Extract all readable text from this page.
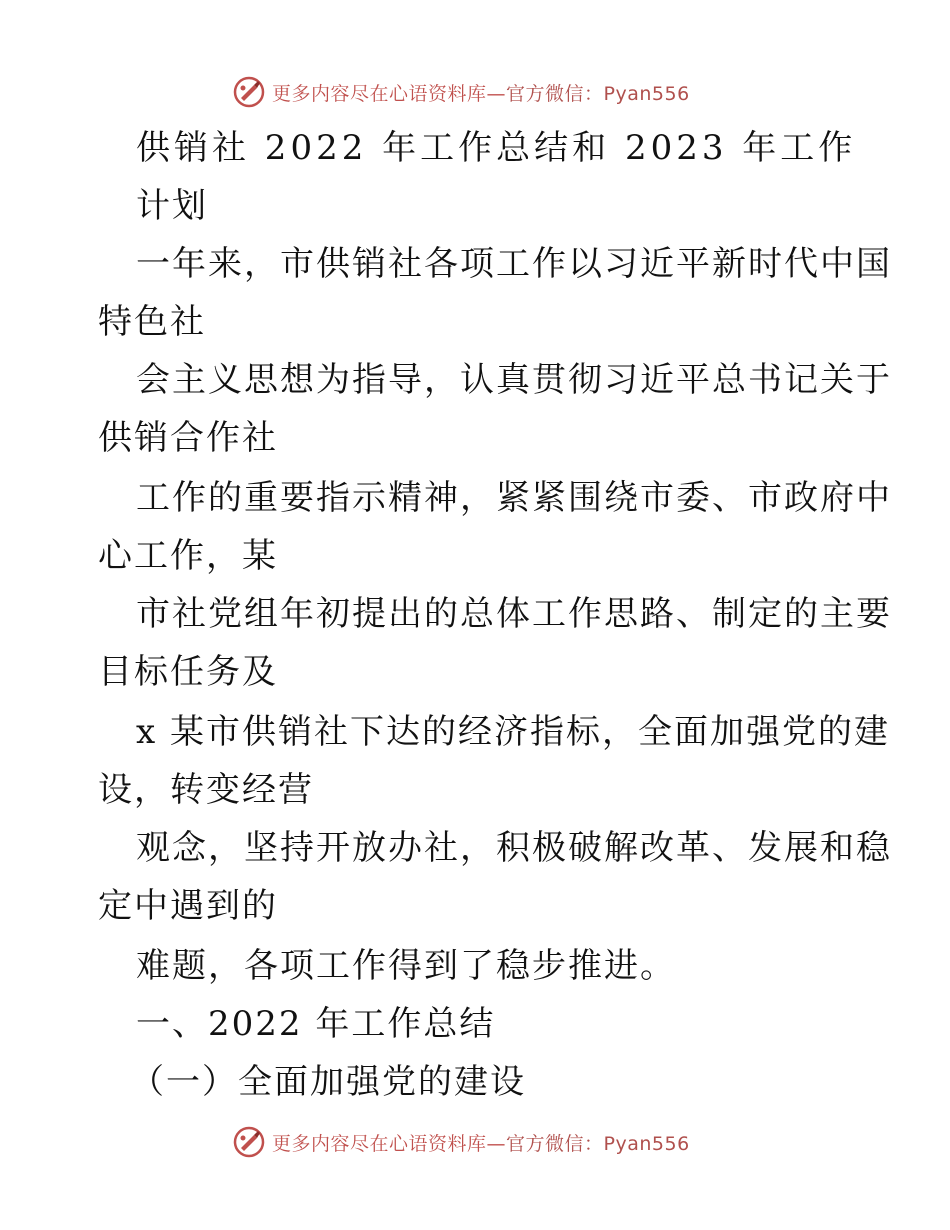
更多内容尽在心语资料库—官方微信：Pyan556
供销社 2022 年工作总结和 2023 年工作
计划
一年来，市供销社各项工作以习近平新时代中国
特色社
会主义思想为指导，认真贯彻习近平总书记关于
供销合作社
工作的重要指示精神，紧紧围绕市委、市政府中
心工作，某
市社党组年初提出的总体工作思路、制定的主要
目标任务及
x 某市供销社下达的经济指标，全面加强党的建
设，转变经营
观念，坚持开放办社，积极破解改革、发展和稳
定中遇到的
难题，各项工作得到了稳步推进。
一、2022 年工作总结
（一）全面加强党的建设
更多内容尽在心语资料库—官方微信：Pyan556
